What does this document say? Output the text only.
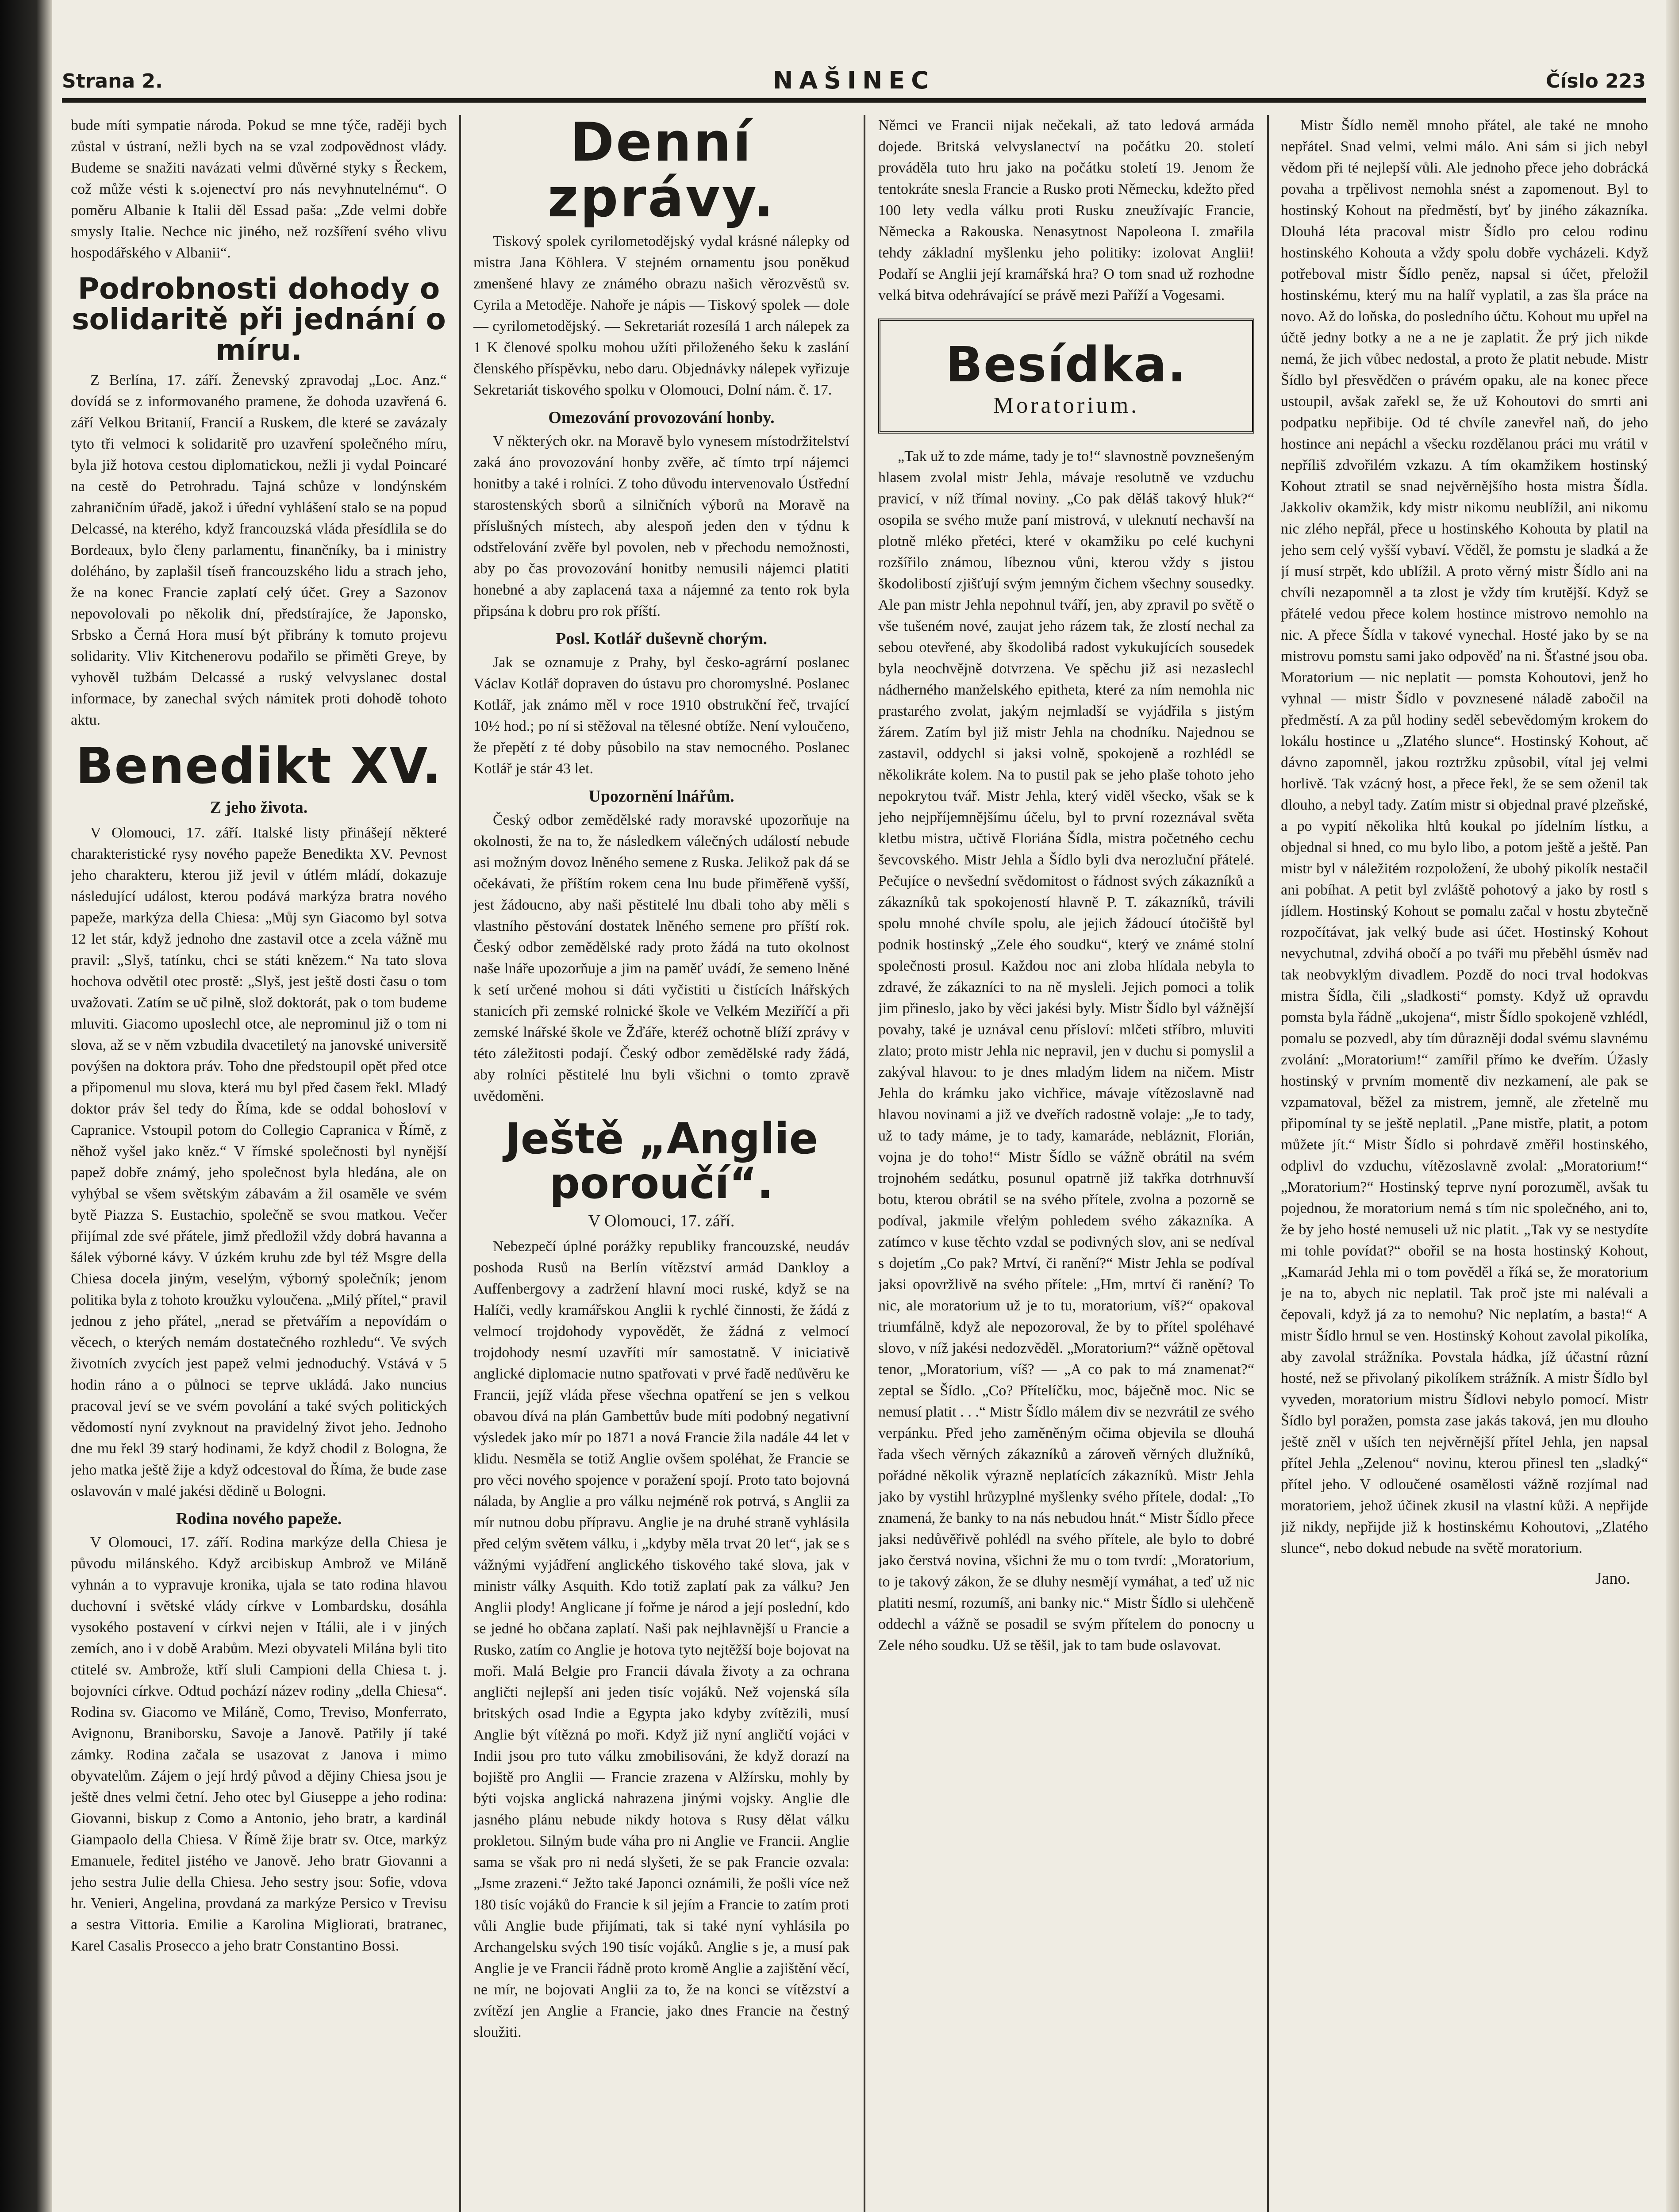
Strana 2.	NAŠINEC	Číslo 223

bude míti sympatie národa. Pokud se mne týče, raději bych zůstal v ústraní, nežli bych na se vzal zodpovědnost vlády. Budeme se snažiti navázati velmi důvěrné styky s Řeckem, což může vésti k s.ojenectví pro nás nevyhnutelnému“. O poměru Albanie k Italii děl Essad paša: „Zde velmi dobře smysly Italie. Nechce nic jiného, než rozšíření svého vlivu hospodářského v Albanii“.

Podrobnosti dohody o solidaritě při jednání o míru.

Z Berlína, 17. září. Ženevský zpravodaj „Loc. Anz.“ dovídá se z informovaného pramene, že dohoda uzavřená 6. září Velkou Britanií, Francií a Ruskem, dle které se zavázaly tyto tři velmoci k solidaritě pro uzavření společného míru, byla již hotova cestou diplomatickou, nežli ji vydal Poincaré na cestě do Petrohradu. Tajná schůze v londýnském zahraničním úřadě, jakož i úřední vyhlášení stalo se na popud Delcassé, na kterého, když francouzská vláda přesídlila se do Bordeaux, bylo členy parlamentu, finančníky, ba i ministry doléháno, by zaplašil tíseň francouzského lidu a strach jeho, že na konec Francie zaplatí celý účet. Grey a Sazonov nepovolovali po několik dní, předstírajíce, že Japonsko, Srbsko a Černá Hora musí být přibrány k tomuto projevu solidarity. Vliv Kitchenerovu podařilo se přiměti Greye, by vyhověl tužbám Delcassé a ruský velvyslanec dostal informace, by zanechal svých námitek proti dohodě tohoto aktu.

Benedikt XV.
Z jeho života.

V Olomouci, 17. září. Italské listy přinášejí některé charakteristické rysy nového papeže Benedikta XV. Pevnost jeho charakteru, kterou již jevil v útlém mládí, dokazuje následující událost, kterou podává markýza bratra nového papeže, markýza della Chiesa: „Můj syn Giacomo byl sotva 12 let stár, když jednoho dne zastavil otce a zcela vážně mu pravil: „Slyš, tatínku, chci se státi knězem.“ Na tato slova hochova odvětil otec prostě: „Slyš, jest ještě dosti času o tom uvažovati. Zatím se uč pilně, slož doktorát, pak o tom budeme mluviti. Giacomo uposlechl otce, ale neprominul již o tom ni slova, až se v něm vzbudila dvacetiletý na janovské universitě povýšen na doktora práv. Toho dne předstoupil opět před otce a připomenul mu slova, která mu byl před časem řekl. Mladý doktor práv šel tedy do Říma, kde se oddal bohosloví v Capranice. Vstoupil potom do Collegio Capranica v Římě, z něhož vyšel jako kněz.“ V římské společnosti byl nynější papež dobře známý, jeho společnost byla hledána, ale on vyhýbal se všem světským zábavám a žil osaměle ve svém bytě Piazza S. Eustachio, společně se svou matkou. Večer přijímal zde své přátele, jimž předložil vždy dobrá havanna a šálek výborné kávy. V úzkém kruhu zde byl též Msgre della Chiesa docela jiným, veselým, výborný společník; jenom politika byla z tohoto kroužku vyloučena. „Milý přítel,“ pravil jednou z jeho přátel, „nerad se přetvářím a nepovídám o věcech, o kterých nemám dostatečného rozhledu“. Ve svých životních zvycích jest papež velmi jednoduchý. Vstává v 5 hodin ráno a o půlnoci se teprve ukládá. Jako nuncius pracoval jeví se ve svém povolání a také svých politických vědomostí nyní zvyknout na pravidelný život jeho. Jednoho dne mu řekl 39 starý hodinami, že když chodil z Bologna, že jeho matka ještě žije a když odcestoval do Říma, že bude zase oslavován v malé jakési dědině u Bologni.

Rodina nového papeže.

V Olomouci, 17. září. Rodina markýze della Chiesa je původu milánského. Když arcibiskup Ambrož ve Miláně vyhnán a to vypravuje kronika, ujala se tato rodina hlavou duchovní i světské vlády církve v Lombardsku, dosáhla vysokého postavení v církvi nejen v Itálii, ale i v jiných zemích, ano i v době Arabům. Mezi obyvateli Milána byli tito ctitelé sv. Ambrože, ktří sluli Campioni della Chiesa t. j. bojovníci církve. Odtud pochází název rodiny „della Chiesa“. Rodina sv. Giacomo ve Miláně, Como, Treviso, Monferrato, Avignonu, Braniborsku, Savoje a Janově. Patřily jí také zámky. Rodina začala se usazovat z Janova i mimo obyvatelům. Zájem o její hrdý původ a dějiny Chiesa jsou je ještě dnes velmi četní. Jeho otec byl Giuseppe a jeho rodina: Giovanni, biskup z Como a Antonio, jeho bratr, a kardinál Giampaolo della Chiesa. V Římě žije bratr sv. Otce, markýz Emanuele, ředitel jistého ve Janově. Jeho bratr Giovanni a jeho sestra Julie della Chiesa. Jeho sestry jsou: Sofie, vdova hr. Venieri, Angelina, provdaná za markýze Persico v Trevisu a sestra Vittoria. Emilie a Karolina Migliorati, bratranec, Karel Casalis Prosecco a jeho bratr Constantino Bossi.

Denní zprávy.

Tiskový spolek cyrilometodějský vydal krásné nálepky od mistra Jana Köhlera. V stejném ornamentu jsou poněkud zmenšené hlavy ze známého obrazu našich věrozvěstů sv. Cyrila a Metoděje. Nahoře je nápis — Tiskový spolek — dole — cyrilometodějský. — Sekretariát rozesílá 1 arch nálepek za 1 K členové spolku mohou užíti přiloženého šeku k zaslání členského příspěvku, nebo daru. Objednávky nálepek vyřizuje Sekretariát tiskového spolku v Olomouci, Dolní nám. č. 17.

Omezování provozování honby.

V některých okr. na Moravě bylo vynesem místodržitelství zaká áno provozování honby zvěře, ač tímto trpí nájemci honitby a také i rolníci. Z toho důvodu intervenovalo Ústřední starostenských sborů a silničních výborů na Moravě na příslušných místech, aby alespoň jeden den v týdnu k odstřelování zvěře byl povolen, neb v přechodu nemožnosti, aby po čas provozování honitby nemusili nájemci platiti honebné a aby zaplacená taxa a nájemné za tento rok byla připsána k dobru pro rok příští.

Posl. Kotlář duševně chorým.

Jak se oznamuje z Prahy, byl česko-agrární poslanec Václav Kotlář dopraven do ústavu pro choromyslné. Poslanec Kotlář, jak známo měl v roce 1910 obstrukční řeč, trvající 10½ hod.; po ní si stěžoval na tělesné obtíže. Není vyloučeno, že přepětí z té doby působilo na stav nemocného. Poslanec Kotlář je stár 43 let.

Upozornění lnářům.

Český odbor zemědělské rady moravské upozorňuje na okolnosti, že na to, že následkem válečných událostí nebude asi možným dovoz lněného semene z Ruska. Jelikož pak dá se očekávati, že příštím rokem cena lnu bude přiměřeně vyšší, jest žádoucno, aby naši pěstitelé lnu dbali toho aby měli s vlastního pěstování dostatek lněného semene pro příští rok. Český odbor zemědělské rady proto žádá na tuto okolnost naše lnáře upozorňuje a jim na paměť uvádí, že semeno lněné k setí určené mohou si dáti vyčistiti u čistících lnářských stanicích při zemské rolnické škole ve Velkém Meziříčí a při zemské lnářské škole ve Žďáře, kteréž ochotně blíží zprávy v této záležitosti podají. Český odbor zemědělské rady žádá, aby rolníci pěstitelé lnu byli všichni o tomto zpravě uvědoměni.

Ještě „Anglie poroučí“.
V Olomouci, 17. září.

Nebezpečí úplné porážky republiky francouzské, neudáv poshoda Rusů na Berlín vítězství armád Dankloy a Auffenbergovy a zadržení hlavní moci ruské, když se na Halíči, vedly kramářskou Anglii k rychlé činnosti, že žádá z velmocí trojdohody vypovědět, že žádná z velmocí trojdohody nesmí uzavříti mír samostatně. V iniciativě anglické diplomacie nutno spatřovati v prvé řadě nedůvěru ke Francii, jejíž vláda přese všechna opatření se jen s velkou obavou dívá na plán Gambettův bude míti podobný negativní výsledek jako mír po 1871 a nová Francie žila nadále 44 let v klidu. Nesměla se totiž Anglie ovšem spoléhat, že Francie se pro věci nového spojence v poražení spojí. Proto tato bojovná nálada, by Anglie a pro válku nejméně rok potrvá, s Anglii za mír nutnou dobu přípravu. Anglie je na druhé straně vyhlásila před celým světem válku, i „kdyby měla trvat 20 let“, jak se s vážnými vyjádření anglického tiskového také slova, jak v ministr války Asquith. Kdo totiž zaplatí pak za válku? Jen Anglii plody! Anglicane jí fořme je národ a její poslední, kdo se jedné ho občana zaplatí. Naši pak nejhlavnější u Francie a Rusko, zatím co Anglie je hotova tyto nejtěžší boje bojovat na moři. Malá Belgie pro Francii dávala životy a za ochrana angličti nejlepší ani jeden tisíc vojáků. Než vojenská síla britských osad Indie a Egypta jako kdyby zvítězili, musí Anglie být vítězná po moři. Když již nyní angličtí vojáci v Indii jsou pro tuto válku zmobilisováni, že když dorazí na bojiště pro Anglii — Francie zrazena v Alžírsku, mohly by býti vojska anglická nahrazena jinými vojsky. Anglie dle jasného plánu nebude nikdy hotova s Rusy dělat válku prokletou. Silným bude váha pro ni Anglie ve Francii. Anglie sama se však pro ni nedá slyšeti, že se pak Francie ozvala: „Jsme zrazeni.“ Ježto také Japonci oznámili, že pošli více než 180 tisíc vojáků do Francie k sil jejím a Francie to zatím proti vůli Anglie bude přijímati, tak si také nyní vyhlásila po Archangelsku svých 190 tisíc vojáků. Anglie s je, a musí pak Anglie je ve Francii řádně proto kromě Anglie a zajištění věcí, ne mír, ne bojovati Anglii za to, že na konci se vítězství a zvítězí jen Anglie a Francie, jako dnes Francie na čestný sloužiti.

Němci ve Francii nijak nečekali, až tato ledová armáda dojede. Britská velvyslanectví na počátku 20. století prováděla tuto hru jako na počátku století 19. Jenom že tentokráte snesla Francie a Rusko proti Německu, kdežto před 100 lety vedla válku proti Rusku zneužívajíc Francie, Německa a Rakouska. Nenasytnost Napoleona I. zmařila tehdy základní myšlenku jeho politiky: izolovat Anglii! Podaří se Anglii její kramářská hra? O tom snad už rozhodne velká bitva odehrávající se právě mezi Paříží a Vogesami.

Besídka.
Moratorium.

„Tak už to zde máme, tady je to!“ slavnostně povznešeným hlasem zvolal mistr Jehla, mávaje resolutně ve vzduchu pravicí, v níž třímal noviny. „Co pak děláš takový hluk?“ osopila se svého muže paní mistrová, v uleknutí nechavší na plotně mléko přetéci, které v okamžiku po celé kuchyni rozšířilo známou, líbeznou vůni, kterou vždy s jistou škodolibostí zjišťují svým jemným čichem všechny sousedky. Ale pan mistr Jehla nepohnul tváří, jen, aby zpravil po světě o vše tušeném nové, zaujat jeho rázem tak, že zlostí nechal za sebou otevřené, aby škodolibá radost vykukujících sousedek byla neochvějně dotvrzena. Ve spěchu již asi nezaslechl nádherného manželského epitheta, které za ním nemohla nic prastarého zvolat, jakým nejmladší se vyjádřila s jistým žárem. Zatím byl již mistr Jehla na chodníku. Najednou se zastavil, oddychl si jaksi volně, spokojeně a rozhlédl se několikráte kolem. Na to pustil pak se jeho plaše tohoto jeho nepokrytou tvář. Mistr Jehla, který viděl všecko, však se k jeho nejpříjemnějšímu účelu, byl to první rozeznával světa kletbu mistra, učtivě Floriána Šídla, mistra početného cechu ševcovského. Mistr Jehla a Šídlo byli dva nerozluční přátelé. Pečujíce o nevšední svědomitost o řádnost svých zákazníků a zákazníků tak spokojeností hlavně P. T. zákazníků, trávili spolu mnohé chvíle spolu, ale jejich žádoucí útočiště byl podnik hostinský „Zele ého soudku“, který ve známé stolní společnosti prosul. Každou noc ani zloba hlídala nebyla to zdravé, že zákazníci to na ně mysleli. Jejich pomoci a tolik jim přineslo, jako by věci jakési byly. Mistr Šídlo byl vážnější povahy, také je uznával cenu přísloví: mlčeti stříbro, mluviti zlato; proto mistr Jehla nic nepravil, jen v duchu si pomyslil a zakýval hlavou: to je dnes mladým lidem na ničem. Mistr Jehla do krámku jako vichřice, mávaje vítězoslavně nad hlavou novinami a již ve dveřích radostně volaje: „Je to tady, už to tady máme, je to tady, kamaráde, nebláznit, Florián, vojna je do toho!“ Mistr Šídlo se vážně obrátil na svém trojnohém sedátku, posunul opatrně již takřka dotrhnuvší botu, kterou obrátil se na svého přítele, zvolna a pozorně se podíval, jakmile vřelým pohledem svého zákazníka. A zatímco v kuse těchto vzdal se podivných slov, ani se nedíval s dojetím „Co pak? Mrtví, či ranění?“ Mistr Jehla se podíval jaksi opovržlivě na svého přítele: „Hm, mrtví či ranění? To nic, ale moratorium už je to tu, moratorium, víš?“ opakoval triumfálně, když ale nepozoroval, že by to přítel spoléhavé slovo, v níž jakési nedozvěděl. „Moratorium?“ vážně opětoval tenor, „Moratorium, víš? — „A co pak to má znamenat?“ zeptal se Šídlo. „Co? Přítelíčku, moc, báječně moc. Nic se nemusí platit . . .“ Mistr Šídlo málem div se nezvrátil ze svého verpánku. Před jeho zaměněným očima objevila se dlouhá řada všech věrných zákazníků a zároveň věrných dlužníků, pořádné několik výrazně neplatících zákazníků. Mistr Jehla jako by vystihl hrůzyplné myšlenky svého přítele, dodal: „To znamená, že banky to na nás nebudou hnát.“ Mistr Šídlo přece jaksi nedůvěřivě pohlédl na svého přítele, ale bylo to dobré jako čerstvá novina, všichni že mu o tom tvrdí: „Moratorium, to je takový zákon, že se dluhy nesmějí vymáhat, a teď už nic platiti nesmí, rozumíš, ani banky nic.“ Mistr Šídlo si ulehčeně oddechl a vážně se posadil se svým přítelem do ponocny u Zele ného soudku. Už se těšil, jak to tam bude oslavovat.

Mistr Šídlo neměl mnoho přátel, ale také ne mnoho nepřátel. Snad velmi, velmi málo. Ani sám si jich nebyl vědom při té nejlepší vůli. Ale jednoho přece jeho dobrácká povaha a trpělivost nemohla snést a zapomenout. Byl to hostinský Kohout na předměstí, byť by jiného zákazníka. Dlouhá léta pracoval mistr Šídlo pro celou rodinu hostinského Kohouta a vždy spolu dobře vycházeli. Když potřeboval mistr Šídlo peněz, napsal si účet, přeložil hostinskému, který mu na halíř vyplatil, a zas šla práce na novo. Až do loňska, do posledního účtu. Kohout mu upřel na účtě jedny botky a ne a ne je zaplatit. Že prý jich nikde nemá, že jich vůbec nedostal, a proto že platit nebude. Mistr Šídlo byl přesvědčen o právém opaku, ale na konec přece ustoupil, avšak zařekl se, že už Kohoutovi do smrti ani podpatku nepřibije. Od té chvíle zanevřel naň, do jeho hostince ani nepáchl a všecku rozdělanou práci mu vrátil v nepříliš zdvořilém vzkazu. A tím okamžikem hostinský Kohout ztratil se snad nejvěrnějšího hosta mistra Šídla. Jakkoliv okamžik, kdy mistr nikomu neublížil, ani nikomu nic zlého nepřál, přece u hostinského Kohouta by platil na jeho sem celý vyšší vybaví. Věděl, že pomstu je sladká a že jí musí strpět, kdo ublížil. A proto věrný mistr Šídlo ani na chvíli nezapomněl a ta zlost je vždy tím krutější. Když se přátelé vedou přece kolem hostince mistrovo nemohlo na nic. A přece Šídla v takové vynechal. Hosté jako by se na mistrovu pomstu sami jako odpověď na ni. Šťastné jsou oba. Moratorium — nic neplatit — pomsta Kohoutovi, jenž ho vyhnal — mistr Šídlo v povznesené náladě zabočil na předměstí. A za půl hodiny seděl sebevědomým krokem do lokálu hostince u „Zlatého slunce“. Hostinský Kohout, ač dávno zapomněl, jakou roztržku způsobil, vítal jej velmi horlivě. Tak vzácný host, a přece řekl, že se sem oženil tak dlouho, a nebyl tady. Zatím mistr si objednal pravé plzeňské, a po vypití několika hltů koukal po jídelním lístku, a objednal si hned, co mu bylo libo, a potom ještě a ještě. Pan mistr byl v náležitém rozpoložení, že ubohý pikolík nestačil ani pobíhat. A petit byl zvláště pohotový a jako by rostl s jídlem. Hostinský Kohout se pomalu začal v hostu zbytečně rozpočítávat, jak velký bude asi účet. Hostinský Kohout nevychutnal, zdvihá obočí a po tváři mu přeběhl úsměv nad tak neobvyklým divadlem. Pozdě do noci trval hodokvas mistra Šídla, čili „sladkosti“ pomsty. Když už opravdu pomsta byla řádně „ukojena“, mistr Šídlo spokojeně vzhlédl, pomalu se pozvedl, aby tím důrazněji dodal svému slavnému zvolání: „Moratorium!“ zamířil přímo ke dveřím. Úžasly hostinský v prvním momentě div nezkamení, ale pak se vzpamatoval, běžel za mistrem, jemně, ale zřetelně mu připomínal ty se ještě neplatil. „Pane mistře, platit, a potom můžete jít.“ Mistr Šídlo si pohrdavě změřil hostinského, odplivl do vzduchu, vítězoslavně zvolal: „Moratorium!“ „Moratorium?“ Hostinský teprve nyní porozuměl, avšak tu pojednou, že moratorium nemá s tím nic společného, ani to, že by jeho hosté nemuseli už nic platit. „Tak vy se nestydíte mi tohle povídat?“ obořil se na hosta hostinský Kohout, „Kamarád Jehla mi o tom pověděl a říká se, že moratorium je na to, abych nic neplatil. Tak proč jste mi nalévali a čepovali, když já za to nemohu? Nic neplatím, a basta!“ A mistr Šídlo hrnul se ven. Hostinský Kohout zavolal pikolíka, aby zavolal strážníka. Povstala hádka, jíž účastní různí hosté, než se přivolaný pikolíkem strážník. A mistr Šídlo byl vyveden, moratorium mistru Šídlovi nebylo pomocí. Mistr Šídlo byl poražen, pomsta zase jakás taková, jen mu dlouho ještě zněl v uších ten nejvěrnější přítel Jehla, jen napsal přítel Jehla „Zelenou“ novinu, kterou přinesl ten „sladký“ přítel jeho. V odloučené osamělosti vážně rozjímal nad moratoriem, jehož účinek zkusil na vlastní kůži. A nepřijde již nikdy, nepřijde již k hostinskému Kohoutovi, „Zlatého slunce“, nebo dokud nebude na světě moratorium.

Jano.
